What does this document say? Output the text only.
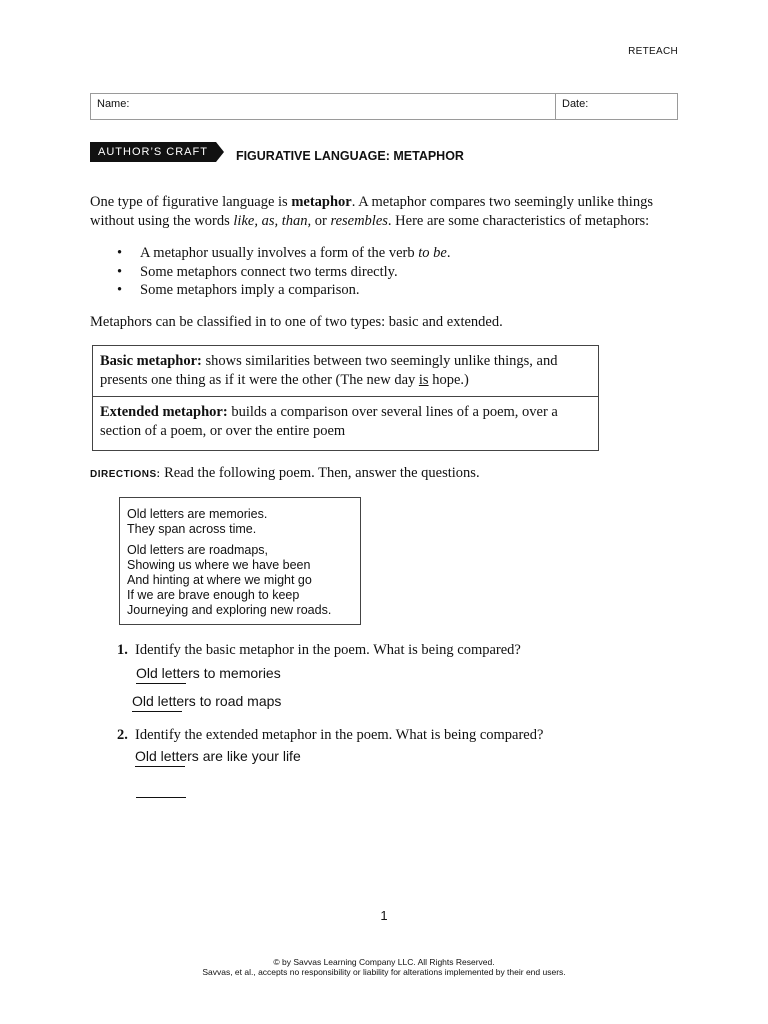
RETEACH
Name:	Date:
AUTHOR’S CRAFT	FIGURATIVE LANGUAGE: METAPHOR
One type of figurative language is metaphor. A metaphor compares two seemingly unlike things without using the words like, as, than, or resembles. Here are some characteristics of metaphors:
•	A metaphor usually involves a form of the verb to be.
•	Some metaphors connect two terms directly.
•	Some metaphors imply a comparison.
Metaphors can be classified in to one of two types: basic and extended.
Basic metaphor: shows similarities between two seemingly unlike things, and presents one thing as if it were the other (The new day is hope.)
Extended metaphor: builds a comparison over several lines of a poem, over a section of a poem, or over the entire poem
DIRECTIONS: Read the following poem. Then, answer the questions.
Old letters are memories.
They span across time.
Old letters are roadmaps,
Showing us where we have been
And hinting at where we might go
If we are brave enough to keep
Journeying and exploring new roads.
1. Identify the basic metaphor in the poem. What is being compared?
Old letters to memories
Old letters to road maps
2. Identify the extended metaphor in the poem. What is being compared?
Old letters are like your life
1
© by Savvas Learning Company LLC. All Rights Reserved.
Savvas, et al., accepts no responsibility or liability for alterations implemented by their end users.
